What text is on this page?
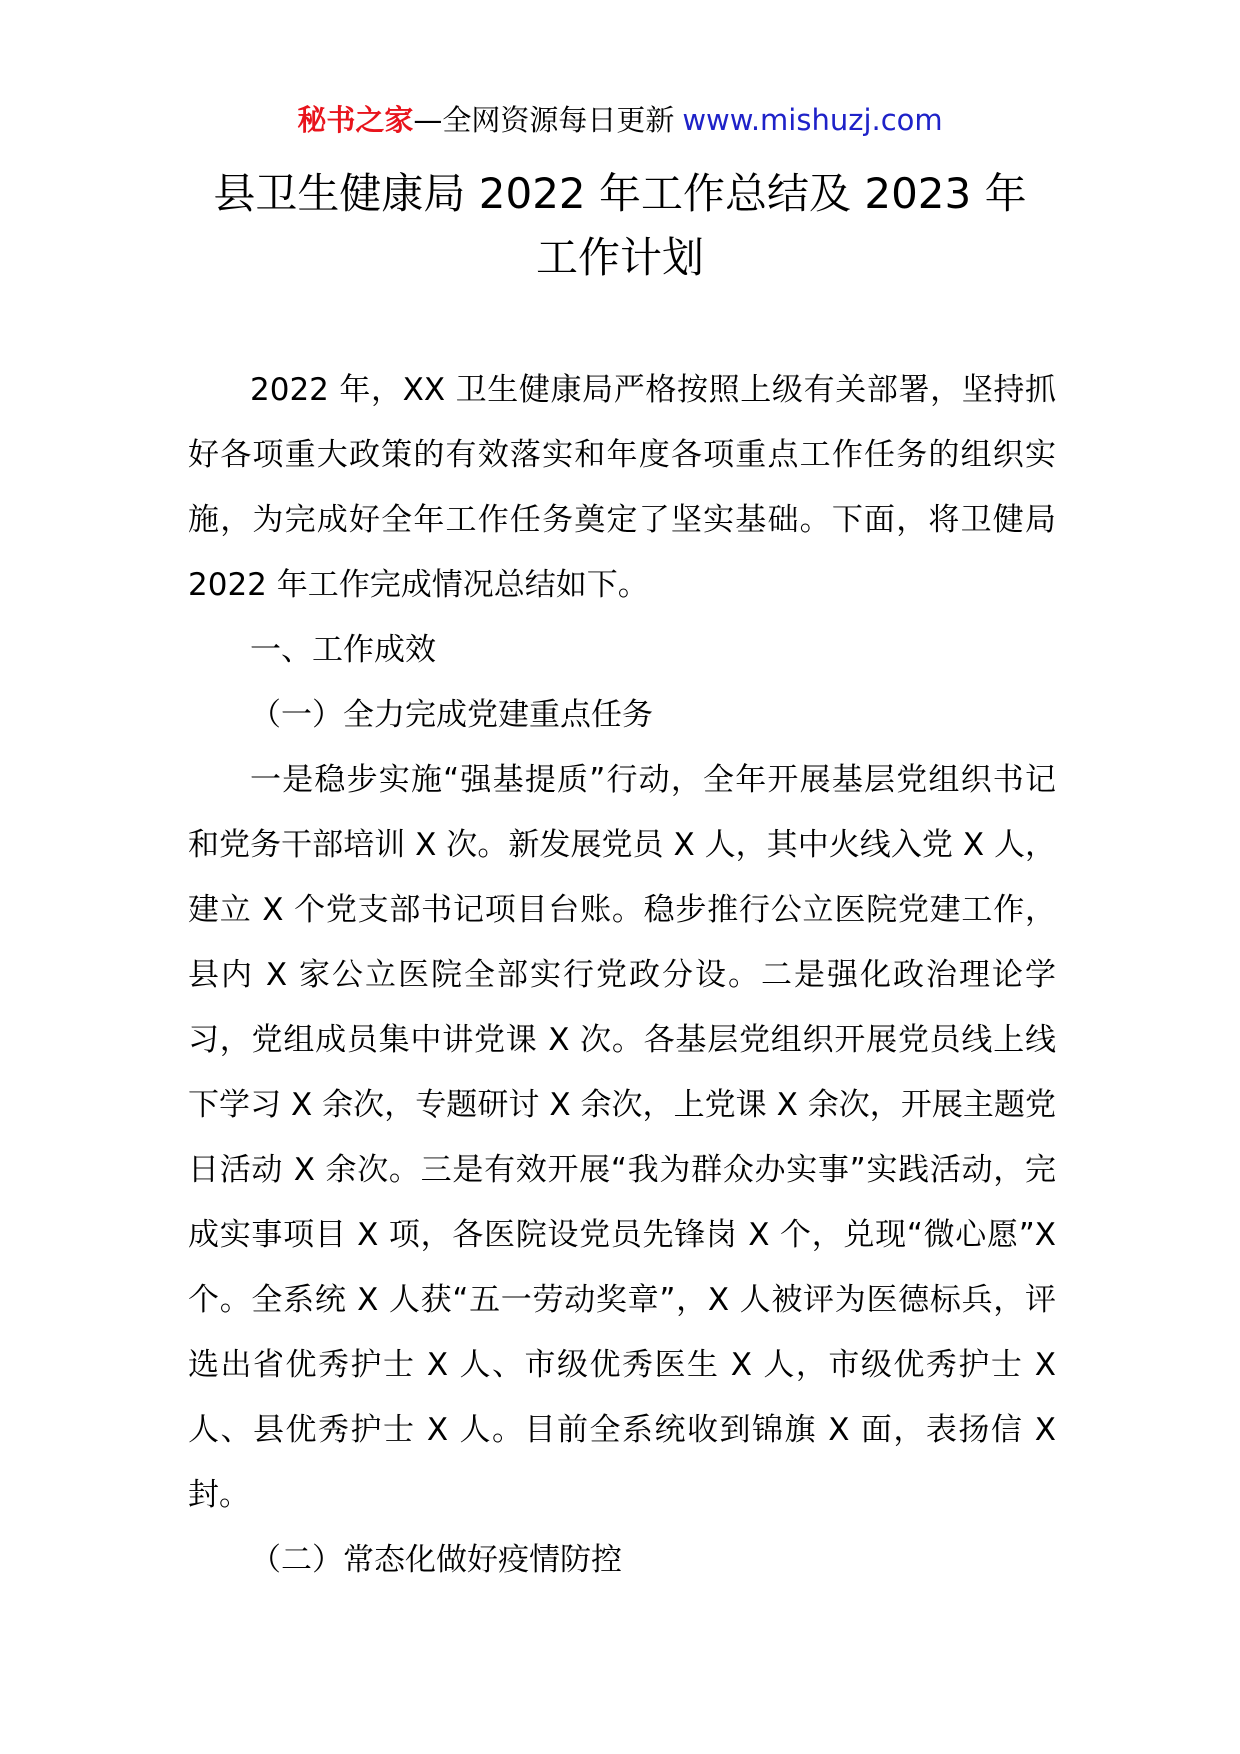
秘书之家—全网资源每日更新 www.mishuzj.com
县卫生健康局 2022 年工作总结及 2023 年
工作计划

2022 年，XX 卫生健康局严格按照上级有关部署，坚持抓好各项重大政策的有效落实和年度各项重点工作任务的组织实施，为完成好全年工作任务奠定了坚实基础。下面，将卫健局 2022 年工作完成情况总结如下。

一、工作成效

（一）全力完成党建重点任务

一是稳步实施“强基提质”行动，全年开展基层党组织书记和党务干部培训 X 次。新发展党员 X 人，其中火线入党 X 人，建立 X 个党支部书记项目台账。稳步推行公立医院党建工作，县内 X 家公立医院全部实行党政分设。二是强化政治理论学习，党组成员集中讲党课 X 次。各基层党组织开展党员线上线下学习 X 余次，专题研讨 X 余次，上党课 X 余次，开展主题党日活动 X 余次。三是有效开展“我为群众办实事”实践活动，完成实事项目 X 项，各医院设党员先锋岗 X 个，兑现“微心愿”X 个。全系统 X 人获“五一劳动奖章”，X 人被评为医德标兵，评选出省优秀护士 X 人、市级优秀医生 X 人，市级优秀护士 X 人、县优秀护士 X 人。目前全系统收到锦旗 X 面，表扬信 X 封。

（二）常态化做好疫情防控
